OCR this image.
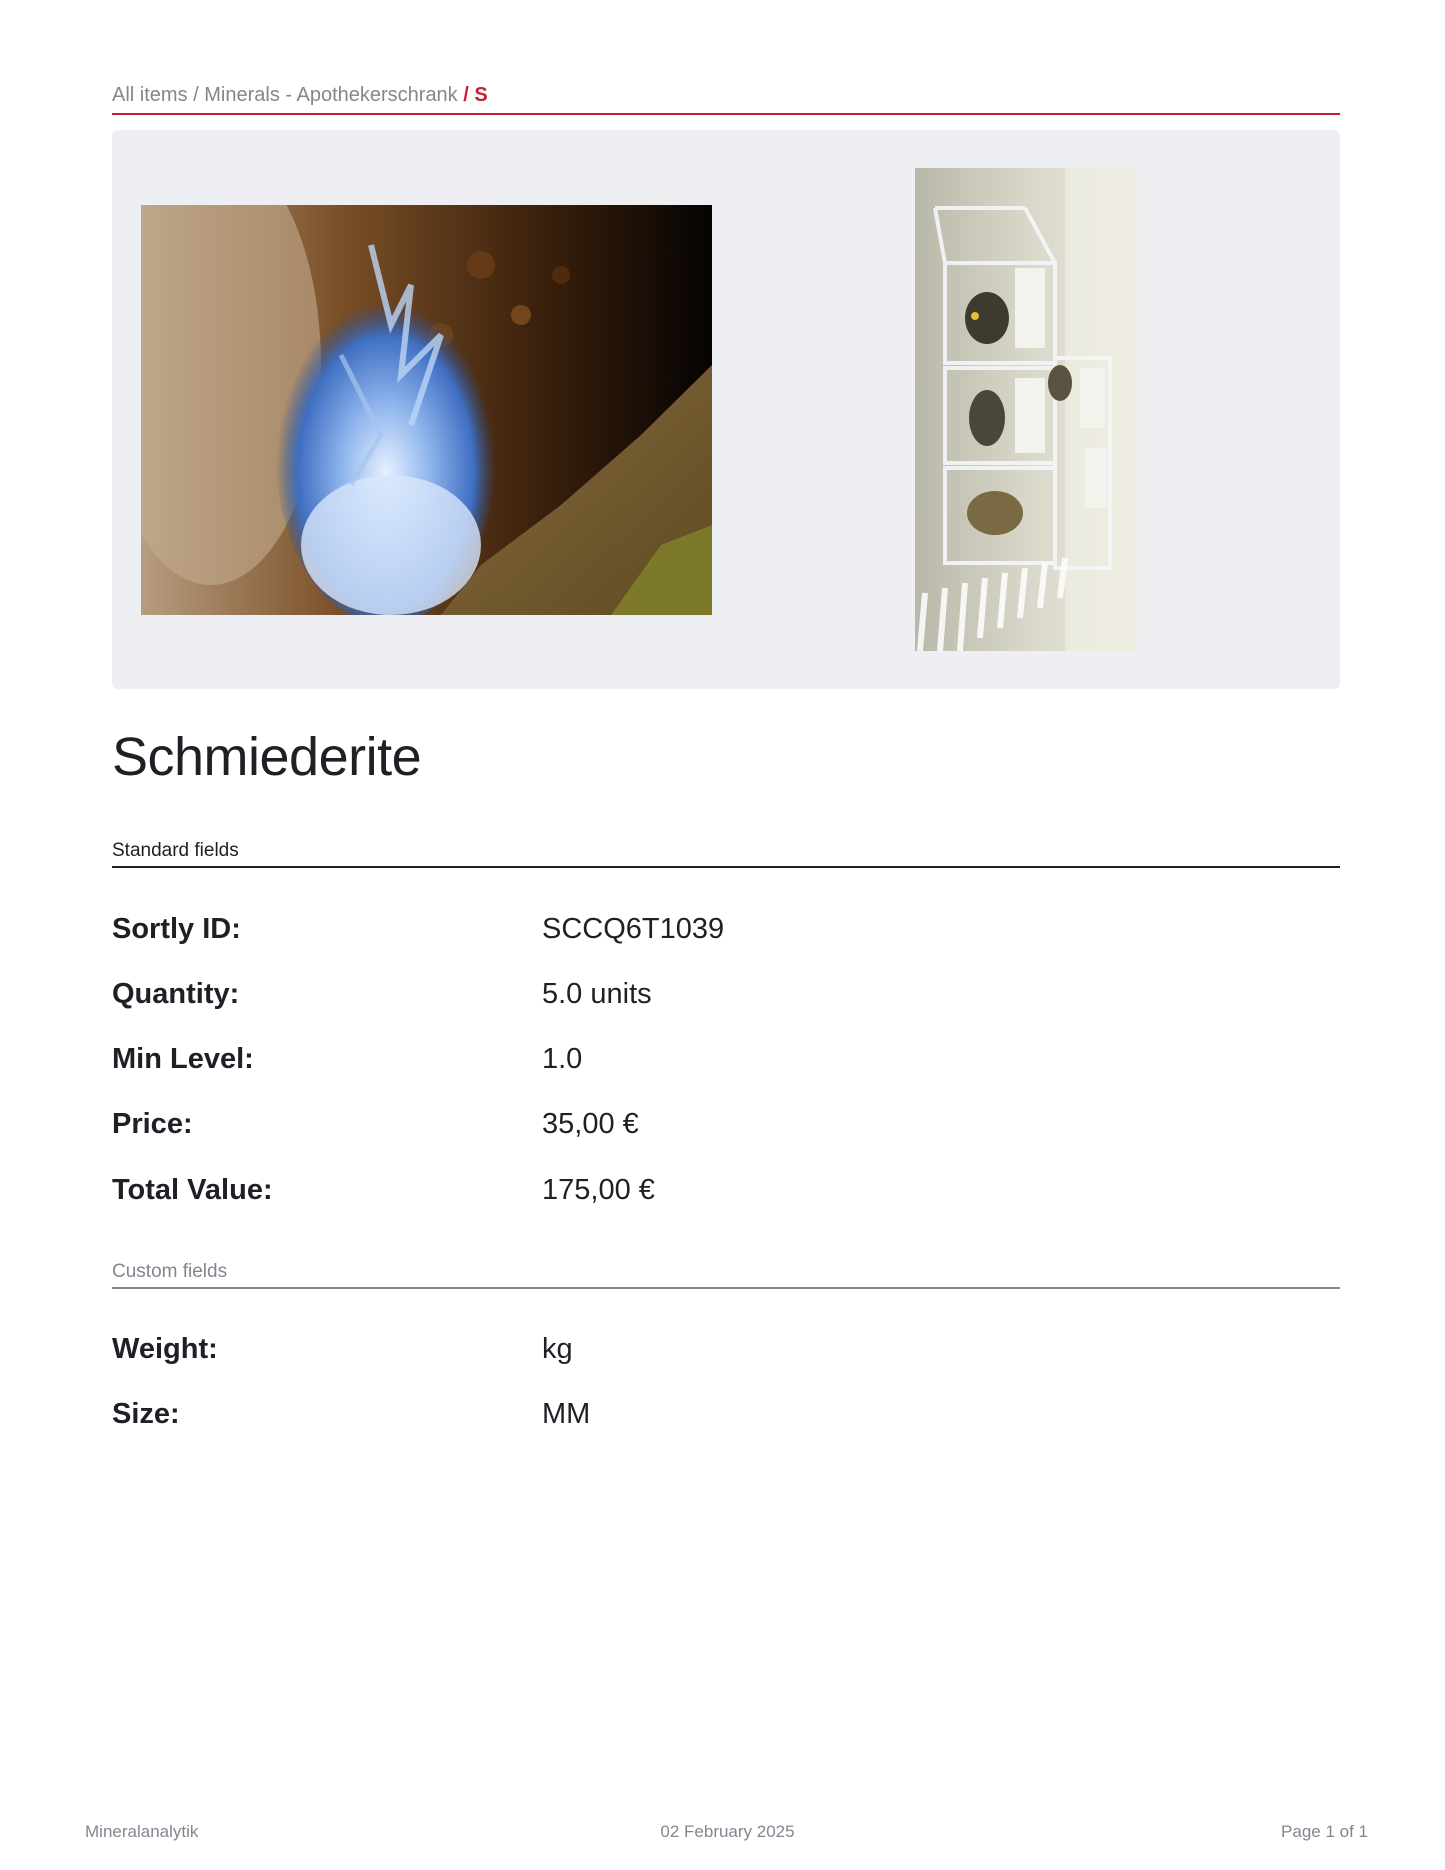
All items / Minerals - Apothekerschrank / S
Schmiederite
Standard fields
Sortly ID:	SCCQ6T1039
Quantity:	5.0 units
Min Level:	1.0
Price:	35,00 €
Total Value:	175,00 €
Custom fields
Weight:	kg
Size:	MM
Mineralanalytik	02 February 2025	Page 1 of 1
